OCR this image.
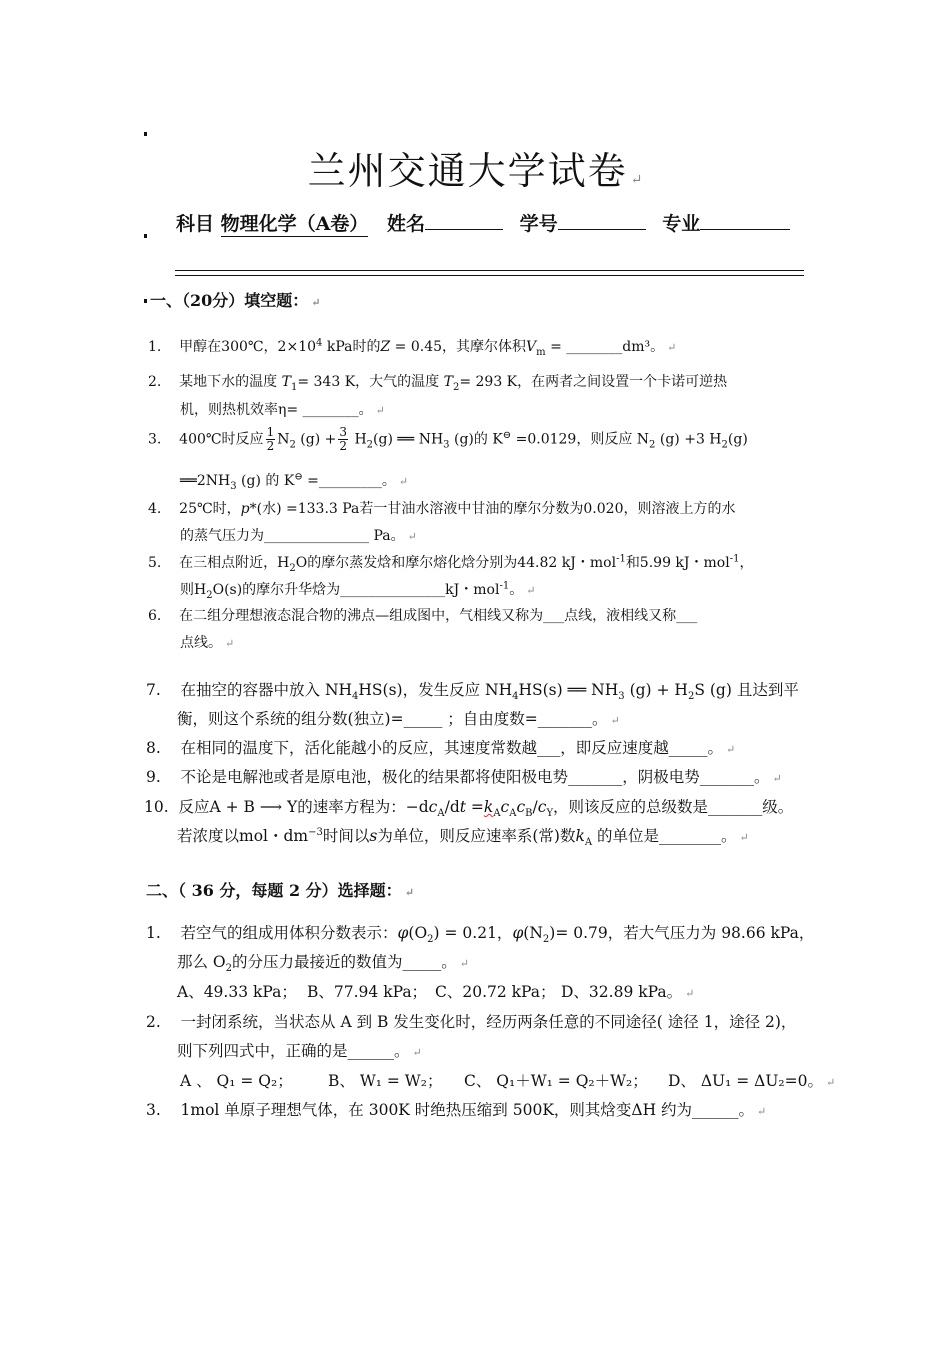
兰州交通大学试卷 ↵
科目 物理化学（A卷） 姓名	学号	专业
一、（20分）填空题： ↵
1. 甲醇在300℃，$2\times 10^4$ kPa时的Z = 0.45，其摩尔体积$V_m$ = ________dm³。 ↵
2. 某地下水的温度 $T_1= 343$ K，大气的温度 $T_2= 293$ K，在两者之间设置一个卡诺可逆热
机，则热机效率η= ________。 ↵
3. 400℃时反应 $\frac{1}{2} N_2$ $(g) + \frac{3}{2} H_2(g)$ ══ $NH_3$ (g)的 K⊖ =0.0129，则反应 $N_2$ (g) +3 $H_2(g)$
$══2NH_3$ (g) 的 K⊖ =_________。 ↵
4. 25℃时，p*(水) =133.3 Pa若一甘油水溶液中甘油的摩尔分数为0.020，则溶液上方的水
的蒸气压力为_______________ Pa。 ↵
5. 在三相点附近，$H_2O$的摩尔蒸发焓和摩尔熔化焓分别为44.82 kJ・mol$^{-1}$和5.99 kJ・mol$^{-1}$，
则$H_2O(s)$的摩尔升华焓为_______________kJ・mol$^{-1}$。 ↵
6. 在二组分理想液态混合物的沸点—组成图中，气相线又称为___点线，液相线又称___
点线。 ↵
7. 在抽空的容器中放入 $NH_4HS(s)$，发生反应 $NH_4HS(s)$ ══ $NH_3$ $(g) + H_2S$ (g) 且达到平
衡，则这个系统的组分数(独立)=_____ ；自由度数=_______。 ↵
8. 在相同的温度下，活化能越小的反应，其速度常数越___，即反应速度越_____。 ↵
9. 不论是电解池或者是原电池，极化的结果都将使阳极电势_______，阴极电势_______。 ↵
10. 反应A + B ⟶ Y的速率方程为：$-dc_A/dt =k_Ac_Ac_B/c_Y$，则该反应的总级数是_______级。
若浓度以mol・$dm^{-3}$时间以s为单位，则反应速率系(常)数$k_A$ 的单位是________。 ↵
二、（ 36 分，每题 2 分）选择题： ↵
1. 若空气的组成用体积分数表示：$\varphi(O_2) = 0.21$，$\varphi(N_2)= 0.79$，若大气压力为 98.66 kPa，
那么 $O_2$的分压力最接近的数值为_____。 ↵
A、49.33 kPa； B、77.94 kPa； C、20.72 kPa； D、32.89 kPa。 ↵
2. 一封闭系统，当状态从 A 到 B 发生变化时，经历两条任意的不同途径( 途径 1，途径 2)，
则下列四式中，正确的是______。 ↵
A 、 Q₁ = Q₂； B、 W₁ = W₂； C、 Q₁＋W₁ = Q₂＋W₂； D、 ΔU₁ = ΔU₂=0。 ↵
3. 1mol 单原子理想气体，在 300K 时绝热压缩到 500K，则其焓变ΔH 约为______。 ↵
